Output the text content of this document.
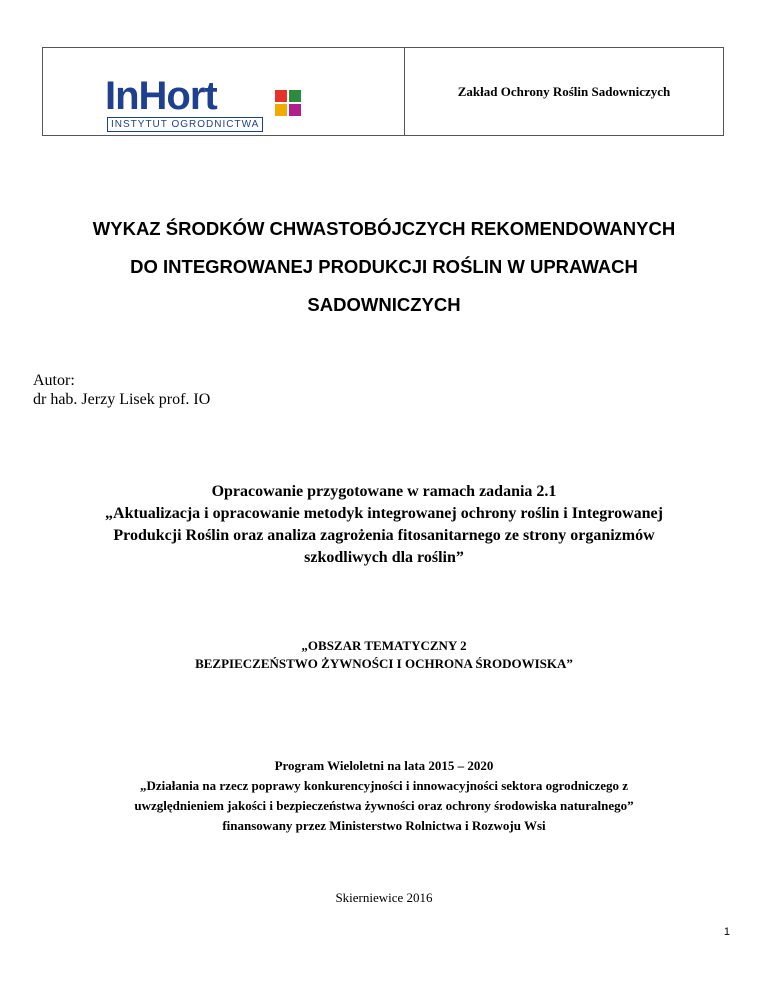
InHort
INSTYTUT OGRODNICTWA
Zakład Ochrony Roślin Sadowniczych
WYKAZ ŚRODKÓW CHWASTOBÓJCZYCH REKOMENDOWANYCH
DO INTEGROWANEJ PRODUKCJI ROŚLIN W UPRAWACH
SADOWNICZYCH
Autor:
dr hab. Jerzy Lisek prof. IO
Opracowanie przygotowane w ramach zadania 2.1
„Aktualizacja i opracowanie metodyk integrowanej ochrony roślin i Integrowanej
Produkcji Roślin oraz analiza zagrożenia fitosanitarnego ze strony organizmów
szkodliwych dla roślin”
„OBSZAR TEMATYCZNY 2
BEZPIECZEŃSTWO ŻYWNOŚCI I OCHRONA ŚRODOWISKA”
Program Wieloletni na lata 2015 – 2020
„Działania na rzecz poprawy konkurencyjności i innowacyjności sektora ogrodniczego z
uwzględnieniem jakości i bezpieczeństwa żywności oraz ochrony środowiska naturalnego”
finansowany przez Ministerstwo Rolnictwa i Rozwoju Wsi
Skierniewice 2016
1
